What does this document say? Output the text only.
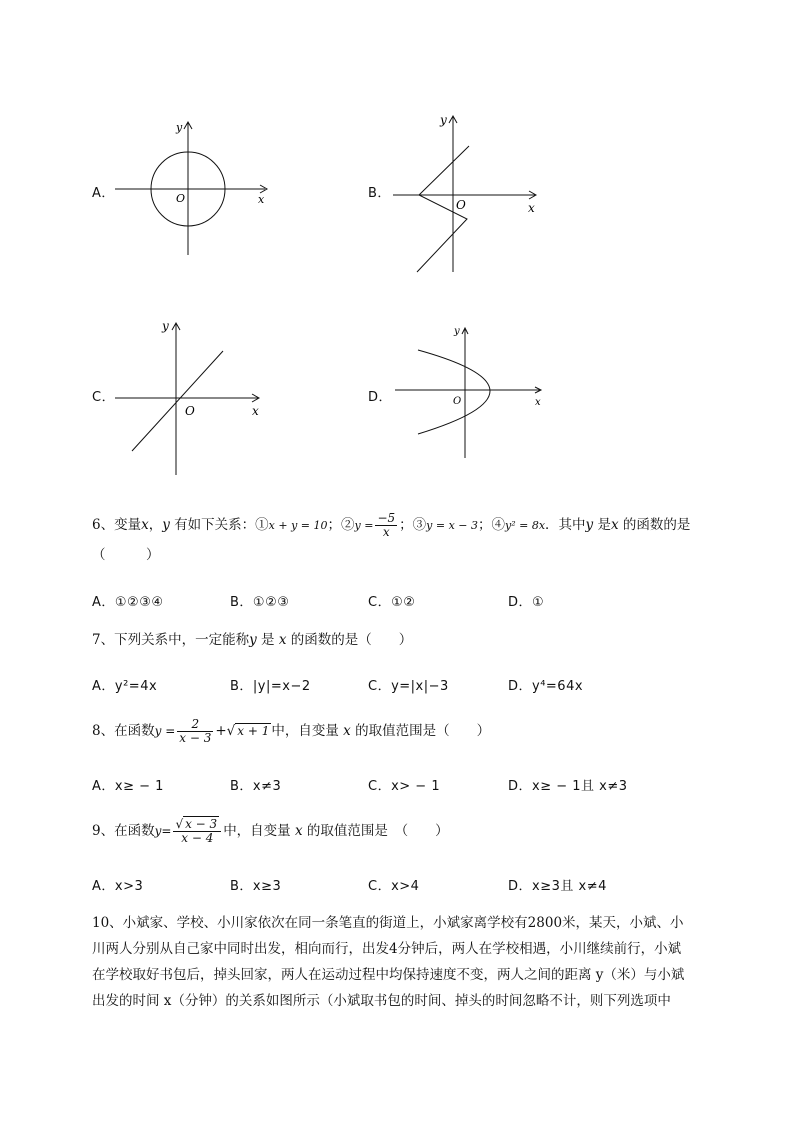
A．
y
x
O	B．
y
x
O
C．
y
x
O
D．
y
x
O
6、变量x，y 有如下关系：①x + y = 10；②y = $\frac{-5}{x}$ ；③y = x − 3；④y² = 8x．其中y 是x 的函数的是
（　　　）
A．①②③④	B．①②③	C．①②	D．①
7、下列关系中，一定能称y 是 x 的函数的是（　　）
A．y²=4x	B．|y|=x−2	C．y=|x|−3	D．y⁴=64x
8、在函数$y = \frac{2}{x - 3}$ +√ x + 1 中，自变量 x 的取值范围是（　　）
A．x≥ − 1	B．x≠3	C．x> − 1	D．x≥ − 1且 x≠3
9、在函数$y= \frac{√ x - 3}{x - 4}$ 中，自变量 x 的取值范围是　（　　）
A．x>3	B．x≥3	C．x>4	D．x≥3且 x≠4
10、小斌家、学校、小川家依次在同一条笔直的街道上，小斌家离学校有2800米，某天，小斌、小
川两人分别从自己家中同时出发，相向而行，出发4分钟后，两人在学校相遇，小川继续前行，小斌
在学校取好书包后，掉头回家，两人在运动过程中均保持速度不变，两人之间的距离 y（米）与小斌
出发的时间 x（分钟）的关系如图所示（小斌取书包的时间、掉头的时间忽略不计，则下列选项中
